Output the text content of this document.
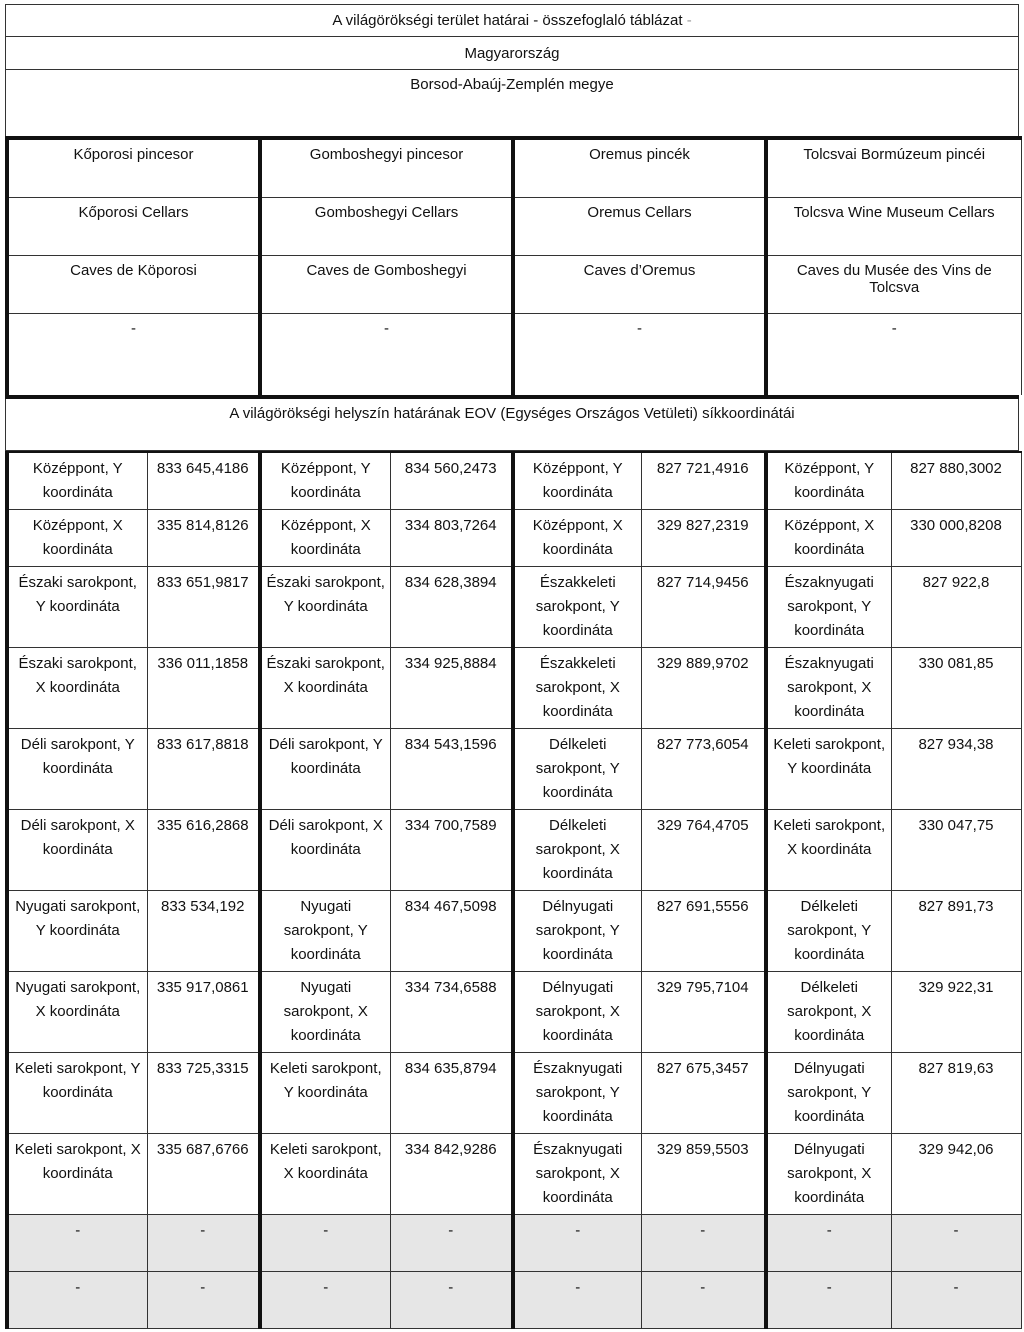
A világörökségi terület határai - összefoglaló táblázat -
Magyarország
Borsod-Abaúj-Zemplén megye
Kőporosi pincesor	Gomboshegyi pincesor	Oremus pincék	Tolcsvai Bormúzeum pincéi
Kőporosi Cellars	Gomboshegyi Cellars	Oremus Cellars	Tolcsva Wine Museum Cellars
Caves de Köporosi	Caves de Gomboshegyi	Caves d’Oremus	Caves du Musée des Vins de Tolcsva
-	-	-	-
A világörökségi helyszín határának EOV (Egységes Országos Vetületi) síkkoordinátái
Középpont, Y koordináta	833 645,4186	Középpont, Y koordináta	834 560,2473	Középpont, Y koordináta	827 721,4916	Középpont, Y koordináta	827 880,3002
Középpont, X koordináta	335 814,8126	Középpont, X koordináta	334 803,7264	Középpont, X koordináta	329 827,2319	Középpont, X koordináta	330 000,8208
Északi sarokpont, Y koordináta	833 651,9817	Északi sarokpont, Y koordináta	834 628,3894	Északkeleti sarokpont, Y koordináta	827 714,9456	Északnyugati sarokpont, Y koordináta	827 922,8
Északi sarokpont, X koordináta	336 011,1858	Északi sarokpont, X koordináta	334 925,8884	Északkeleti sarokpont, X koordináta	329 889,9702	Északnyugati sarokpont, X koordináta	330 081,85
Déli sarokpont, Y koordináta	833 617,8818	Déli sarokpont, Y koordináta	834 543,1596	Délkeleti sarokpont, Y koordináta	827 773,6054	Keleti sarokpont, Y koordináta	827 934,38
Déli sarokpont, X koordináta	335 616,2868	Déli sarokpont, X koordináta	334 700,7589	Délkeleti sarokpont, X koordináta	329 764,4705	Keleti sarokpont, X koordináta	330 047,75
Nyugati sarokpont, Y koordináta	833 534,192	Nyugati sarokpont, Y koordináta	834 467,5098	Délnyugati sarokpont, Y koordináta	827 691,5556	Délkeleti sarokpont, Y koordináta	827 891,73
Nyugati sarokpont, X koordináta	335 917,0861	Nyugati sarokpont, X koordináta	334 734,6588	Délnyugati sarokpont, X koordináta	329 795,7104	Délkeleti sarokpont, X koordináta	329 922,31
Keleti sarokpont, Y koordináta	833 725,3315	Keleti sarokpont, Y koordináta	834 635,8794	Északnyugati sarokpont, Y koordináta	827 675,3457	Délnyugati sarokpont, Y koordináta	827 819,63
Keleti sarokpont, X koordináta	335 687,6766	Keleti sarokpont, X koordináta	334 842,9286	Északnyugati sarokpont, X koordináta	329 859,5503	Délnyugati sarokpont, X koordináta	329 942,06
-	-	-	-	-	-	-	-
-	-	-	-	-	-	-	-
